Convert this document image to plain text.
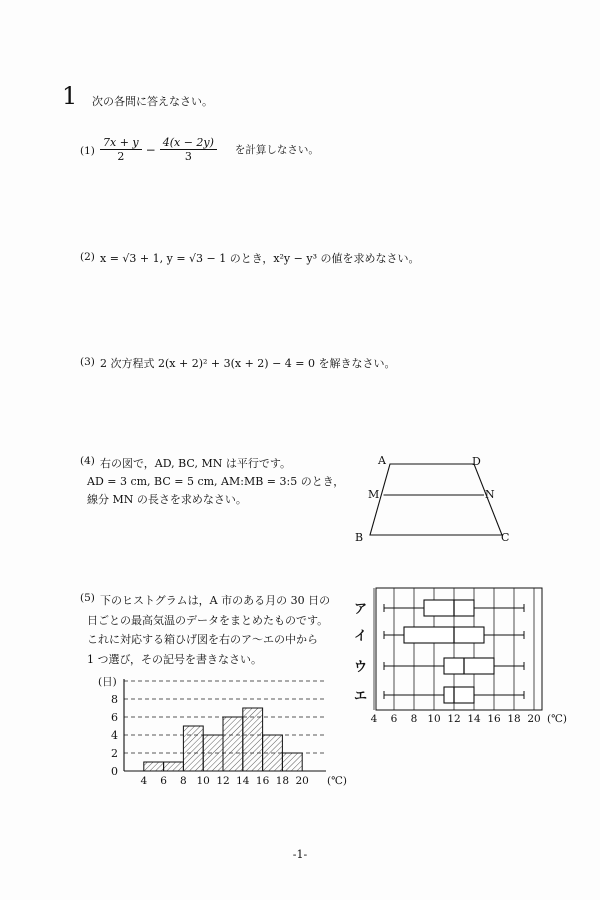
1 次の各問に答えなさい。
$(1) \frac{7x + y}{2} - \frac{4(x - 2y)}{3}$ を計算しなさい。
(2) x = √3 + 1, y = √3 − 1 のとき，x²y − y³ の値を求めなさい。
(3) 2 次方程式 2(x + 2)² + 3(x + 2) − 4 = 0 を解きなさい。
(4) 右の図で，AD, BC, MN は平行です。
AD = 3 cm, BC = 5 cm, AM:MB = 3:5 のとき，
線分 MN の長さを求めなさい。
A	D
M	N
B	C
(5) 下のヒストグラムは，A 市のある月の 30 日の
日ごとの最高気温のデータをまとめたものです。
これに対応する箱ひげ図を右のア〜エの中から
1 つ選び，その記号を書きなさい。
0
2
4
6
8
4 6 8 10 12 14 16 18 20
(日)
(℃)
ア
イ
ウ
エ
4 6 8 10 12 14 16 18 20 (℃)
-1-
